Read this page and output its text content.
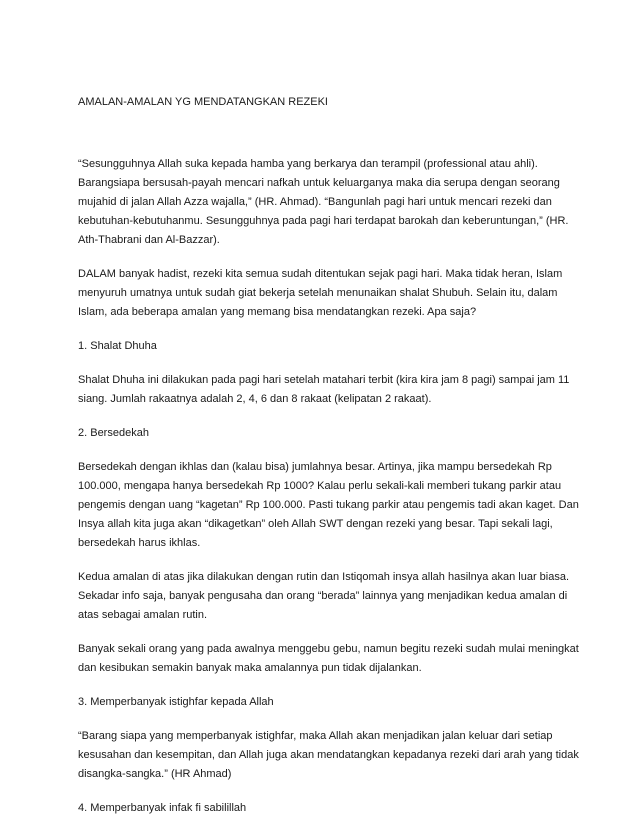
AMALAN-AMALAN YG MENDATANGKAN REZEKI

“Sesungguhnya Allah suka kepada hamba yang berkarya dan terampil (professional atau ahli). Barangsiapa bersusah-payah mencari nafkah untuk keluarganya maka dia serupa dengan seorang mujahid di jalan Allah Azza wajalla,” (HR. Ahmad). “Bangunlah pagi hari untuk mencari rezeki dan kebutuhan-kebutuhanmu. Sesungguhnya pada pagi hari terdapat barokah dan keberuntungan,” (HR. Ath-Thabrani dan Al-Bazzar).

DALAM banyak hadist, rezeki kita semua sudah ditentukan sejak pagi hari. Maka tidak heran, Islam menyuruh umatnya untuk sudah giat bekerja setelah menunaikan shalat Shubuh. Selain itu, dalam Islam, ada beberapa amalan yang memang bisa mendatangkan rezeki. Apa saja?

1. Shalat Dhuha

Shalat Dhuha ini dilakukan pada pagi hari setelah matahari terbit (kira kira jam 8 pagi) sampai jam 11 siang. Jumlah rakaatnya adalah 2, 4, 6 dan 8 rakaat (kelipatan 2 rakaat).

2. Bersedekah

Bersedekah dengan ikhlas dan (kalau bisa) jumlahnya besar. Artinya, jika mampu bersedekah Rp 100.000, mengapa hanya bersedekah Rp 1000? Kalau perlu sekali-kali memberi tukang parkir atau pengemis dengan uang “kagetan” Rp 100.000. Pasti tukang parkir atau pengemis tadi akan kaget. Dan Insya allah kita juga akan “dikagetkan” oleh Allah SWT dengan rezeki yang besar. Tapi sekali lagi, bersedekah harus ikhlas.

Kedua amalan di atas jika dilakukan dengan rutin dan Istiqomah insya allah hasilnya akan luar biasa. Sekadar info saja, banyak pengusaha dan orang “berada” lainnya yang menjadikan kedua amalan di atas sebagai amalan rutin.

Banyak sekali orang yang pada awalnya menggebu gebu, namun begitu rezeki sudah mulai meningkat dan kesibukan semakin banyak maka amalannya pun tidak dijalankan.

3. Memperbanyak istighfar kepada Allah

“Barang siapa yang memperbanyak istighfar, maka Allah akan menjadikan jalan keluar dari setiap kesusahan dan kesempitan, dan Allah juga akan mendatangkan kepadanya rezeki dari arah yang tidak disangka-sangka.” (HR Ahmad)

4. Memperbanyak infak fi sabilillah
